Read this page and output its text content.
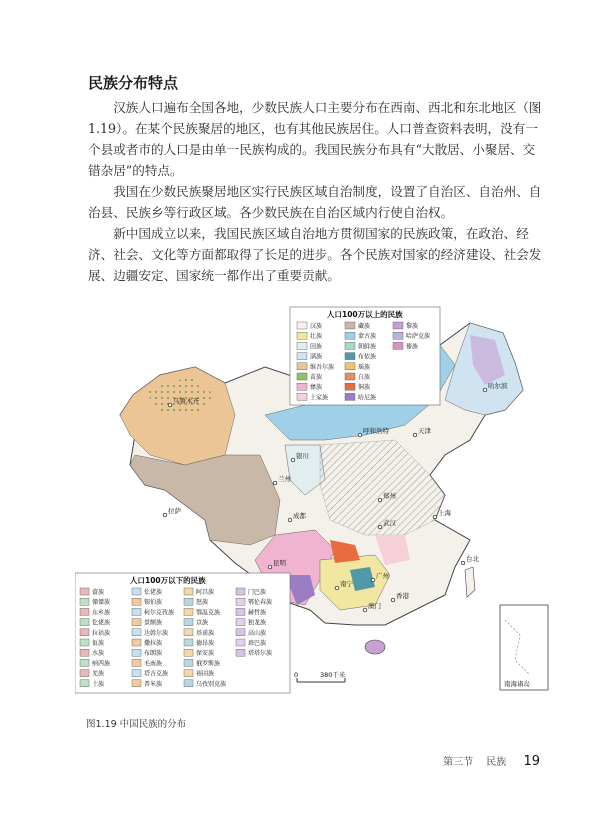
民族分布特点

汉族人口遍布全国各地，少数民族人口主要分布在西南、西北和东北地区（图1.19）。在某个民族聚居的地区，也有其他民族居住。人口普查资料表明，没有一个县或者市的人口是由单一民族构成的。我国民族分布具有“大散居、小聚居、交错杂居”的特点。

我国在少数民族聚居地区实行民族区域自治制度，设置了自治区、自治州、自治县、民族乡等行政区域。各少数民族在自治区域内行使自治权。

新中国成立以来，我国民族区域自治地方贯彻国家的民族政策，在政治、经济、社会、文化等方面都取得了长足的进步。各个民族对国家的经济建设、社会发展、边疆安定、国家统一都作出了重要贡献。

南海诸岛
人口100万以上的民族
汉族	藏族	黎族
壮族	蒙古族	哈萨克族
回族	朝鲜族	傣族
满族	布依族
维吾尔族	瑶族
苗族	白族
彝族	侗族
土家族	哈尼族
人口100万以下的民族
畲族	仫佬族	阿昌族	门巴族
傈僳族	锡伯族	怒族	鄂伦春族
东乡族	柯尔克孜族	鄂温克族	赫哲族
仡佬族	景颇族	京族	独龙族
拉祜族	达斡尔族	基诺族	高山族
佤族	撒拉族	德昂族	珞巴族
水族	布朗族	保安族	塔塔尔族
纳西族	毛南族	俄罗斯族
羌族	塔吉克族	裕固族
土族	普米族	乌孜别克族
乌鲁木齐
哈尔滨
呼和浩特
银川
兰州
郑州
拉萨
成都
武汉
上海
昆明
南宁
广州
香港
澳门
台北
天津
0	380千米
图1.19 中国民族的分布
第三节 民族 19
